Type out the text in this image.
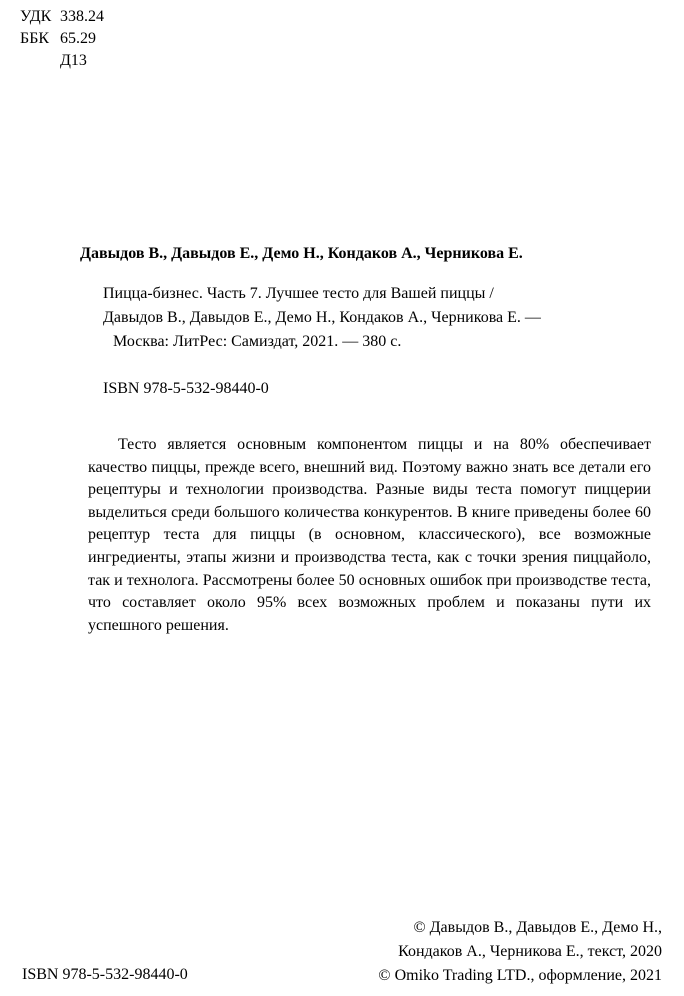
УДК 338.24
ББК 65.29
Д13
Давыдов В., Давыдов Е., Демо Н., Кондаков А., Черникова Е.
Пицца-бизнес. Часть 7. Лучшее тесто для Вашей пиццы /
Давыдов В., Давыдов Е., Демо Н., Кондаков А., Черникова Е. —
Москва: ЛитРес: Самиздат, 2021. — 380 с.
ISBN 978-5-532-98440-0

Тесто является основным компонентом пиццы и на 80% обеспечивает качество пиццы, прежде всего, внешний вид. Поэтому важно знать все детали его рецептуры и технологии производства. Разные виды теста помогут пиццерии выделиться среди большого количества конкурентов. В книге приведены более 60 рецептур теста для пиццы (в основном, классического), все возможные ингредиенты, этапы жизни и производства теста, как с точки зрения пиццайоло, так и технолога. Рассмотрены более 50 основных ошибок при производстве теста, что составляет около 95% всех возможных проблем и показаны пути их успешного решения.

ISBN 978-5-532-98440-0
© Давыдов В., Давыдов Е., Демо Н.,
Кондаков А., Черникова Е., текст, 2020
© Omiko Trading LTD., оформление, 2021
